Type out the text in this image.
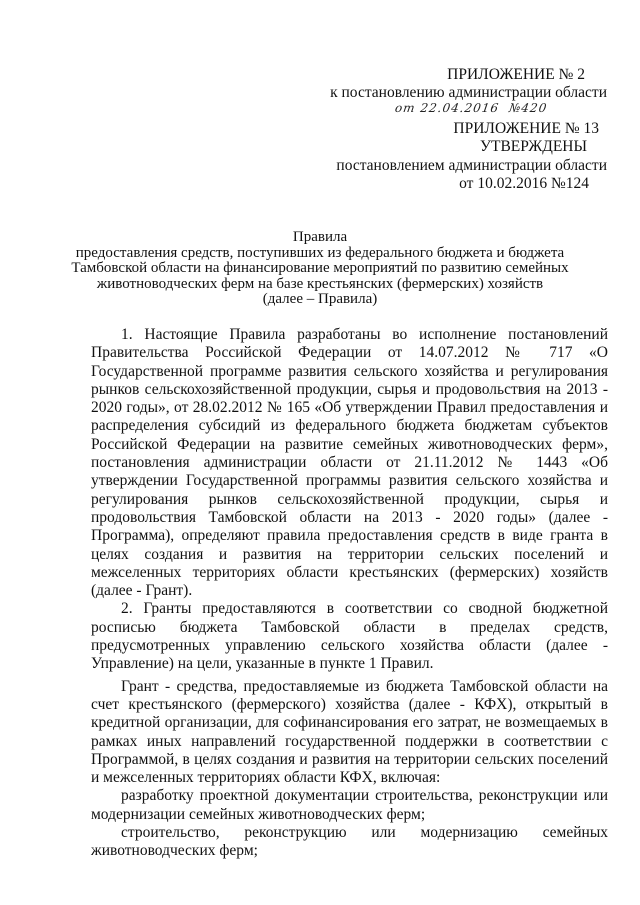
ПРИЛОЖЕНИЕ № 2
к постановлению администрации области
от 22.04.2016 №420
ПРИЛОЖЕНИЕ № 13
УТВЕРЖДЕНЫ
постановлением администрации области
от 10.02.2016 №124
Правила
предоставления средств, поступивших из федерального бюджета и бюджета
Тамбовской области на финансирование мероприятий по развитию семейных
животноводческих ферм на базе крестьянских (фермерских) хозяйств
(далее – Правила)

1. Настоящие Правила разработаны во исполнение постановлений Правительства Российской Федерации от 14.07.2012 № 717 «О Государственной программе развития сельского хозяйства и регулирования рынков сельскохозяйственной продукции, сырья и продовольствия на 2013 - 2020 годы», от 28.02.2012 № 165 «Об утверждении Правил предоставления и распределения субсидий из федерального бюджета бюджетам субъектов Российской Федерации на развитие семейных животноводческих ферм», постановления администрации области от 21.11.2012 № 1443 «Об утверждении Государственной программы развития сельского хозяйства и регулирования рынков сельскохозяйственной продукции, сырья и продовольствия Тамбовской области на 2013 - 2020 годы» (далее - Программа), определяют правила предоставления средств в виде гранта в целях создания и развития на территории сельских поселений и межселенных территориях области крестьянских (фермерских) хозяйств (далее - Грант).

2. Гранты предоставляются в соответствии со сводной бюджетной росписью бюджета Тамбовской области в пределах средств, предусмотренных управлению сельского хозяйства области (далее - Управление) на цели, указанные в пункте 1 Правил.

Грант - средства, предоставляемые из бюджета Тамбовской области на счет крестьянского (фермерского) хозяйства (далее - КФХ), открытый в кредитной организации, для софинансирования его затрат, не возмещаемых в рамках иных направлений государственной поддержки в соответствии с Программой, в целях создания и развития на территории сельских поселений и межселенных территориях области КФХ, включая:

разработку проектной документации строительства, реконструкции или модернизации семейных животноводческих ферм;

строительство, реконструкцию или модернизацию семейных животноводческих ферм;
